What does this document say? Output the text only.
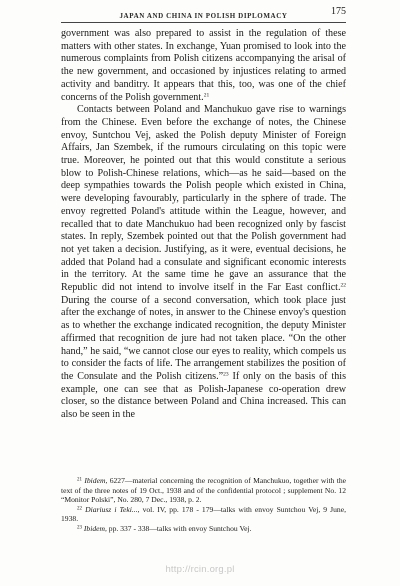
JAPAN AND CHINA IN POLISH DIPLOMACY	175

government was also prepared to assist in the regulation of these matters with other states. In exchange, Yuan promised to look into the numerous complaints from Polish citizens accompanying the arisal of the new government, and occasioned by injustices relating to armed activity and banditry. It appears that this, too, was one of the chief concerns of the Polish government.$^{21}$

Contacts between Poland and Manchukuo gave rise to warnings from the Chinese. Even before the exchange of notes, the Chinese envoy, Suntchou Vej, asked the Polish deputy Minister of Foreign Affairs, Jan Szembek, if the rumours circulating on this topic were true. Moreover, he pointed out that this would constitute a serious blow to Polish-Chinese relations, which—as he said—based on the deep sympathies towards the Polish people which existed in China, were developing favourably, particularly in the sphere of trade. The envoy regretted Poland's attitude within the League, however, and recalled that to date Manchukuo had been recognized only by fascist states. In reply, Szembek pointed out that the Polish government had not yet taken a decision. Justifying, as it were, eventual decisions, he added that Poland had a consulate and significant economic interests in the territory. At the same time he gave an assurance that the Republic did not intend to involve itself in the Far East conflict.$^{22}$ During the course of a second conversation, which took place just after the exchange of notes, in answer to the Chinese envoy's question as to whether the exchange indicated recognition, the deputy Minister affirmed that recognition de jure had not taken place. “On the other hand,” he said, “we cannot close our eyes to reality, which compels us to consider the facts of life. The arrangement stabilizes the position of the Consulate and the Polish citizens.”$^{23}$ If only on the basis of this example, one can see that as Polish-Japanese co-operation drew closer, so the distance between Poland and China increased. This can also be seen in the

$^{21}$ Ibidem, 6227—material concerning the recognition of Manchukuo, together with the text of the three notes of 19 Oct., 1938 and of the confidential protocol ; supplement No. 12 “Monitor Polski”, No. 280, 7 Dec., 1938, p. 2.

$^{22}$ Diariusz i Teki..., vol. IV, pp. 178 - 179—talks with envoy Suntchou Vej, 9 June, 1938.

$^{23}$ Ibidem, pp. 337 - 338—talks with envoy Suntchou Vej.

http://rcin.org.pl
